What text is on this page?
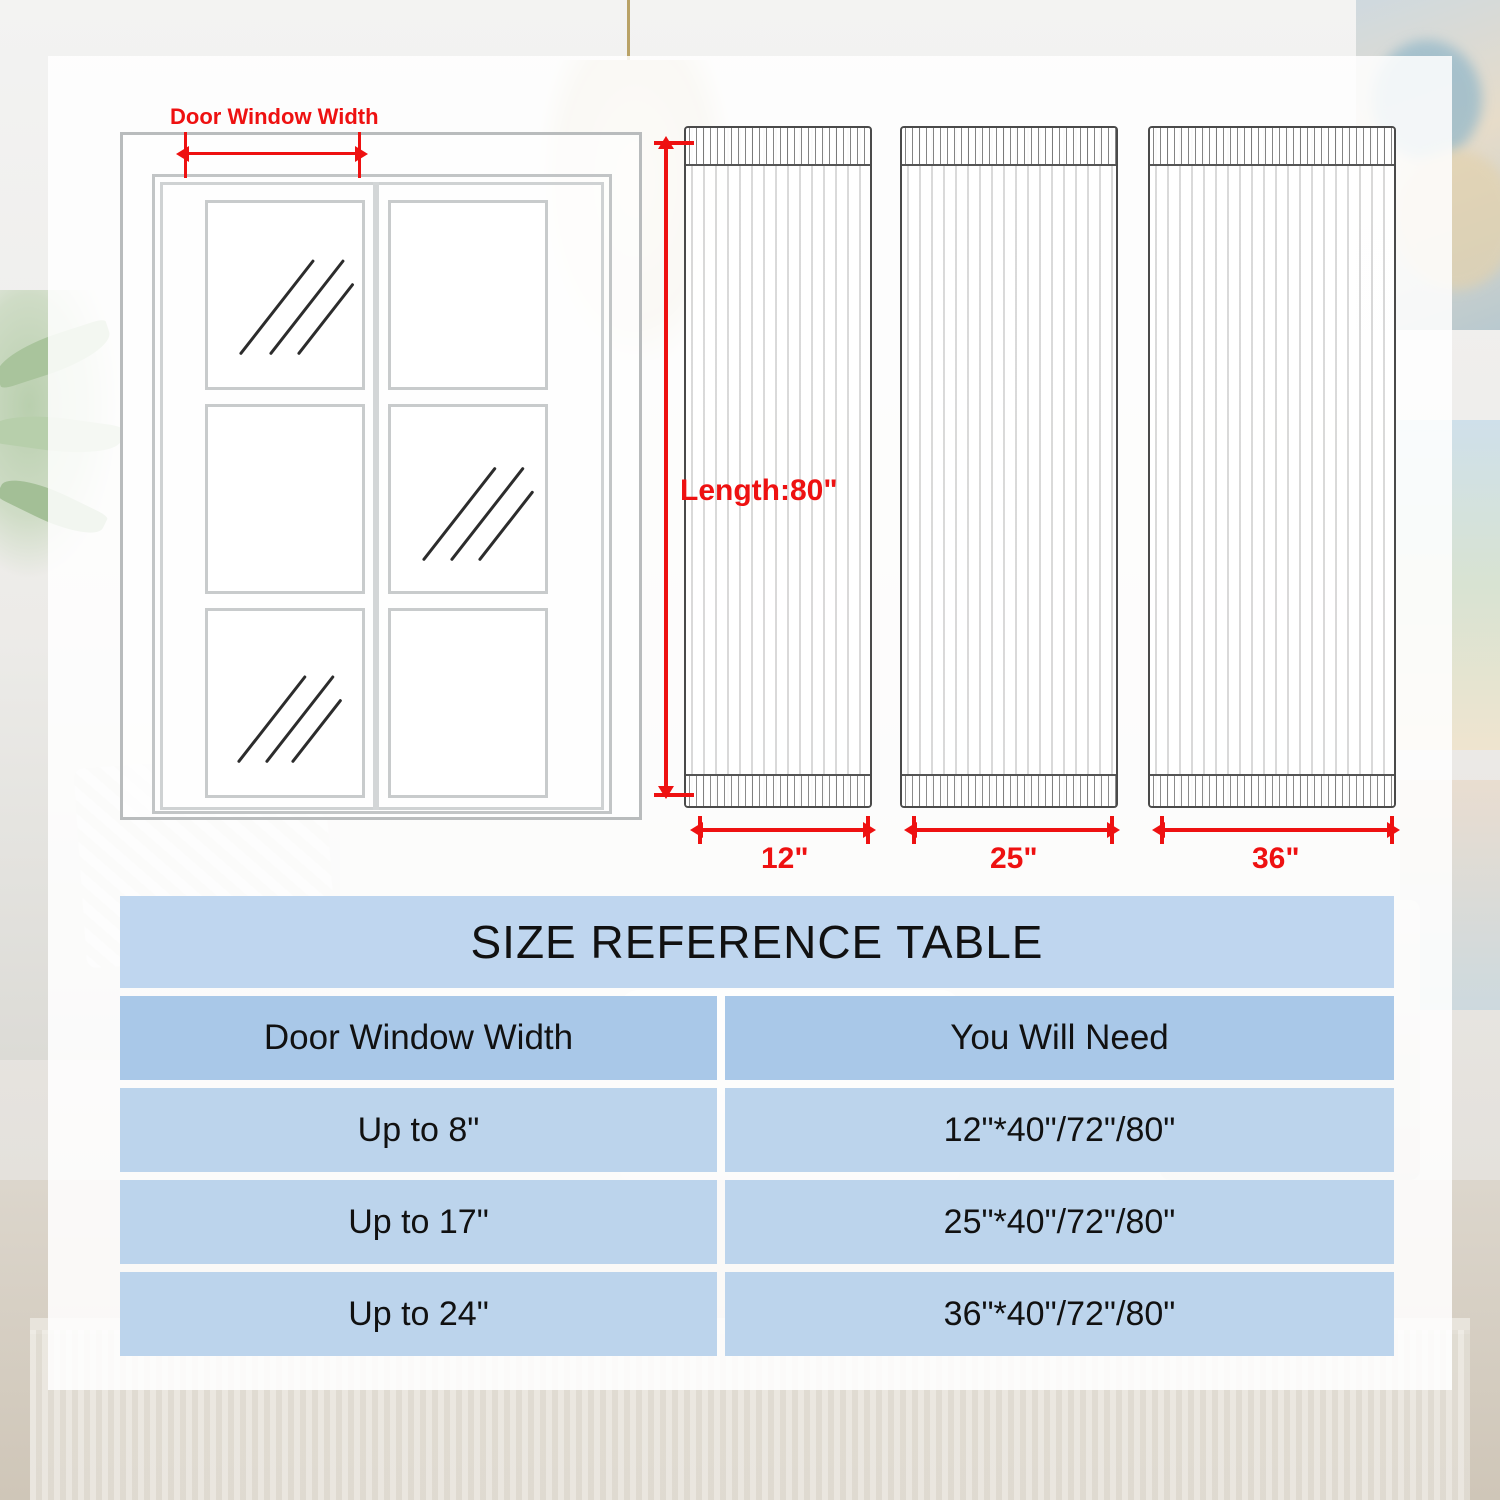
Door Window Width
Length:80"
12"	25"	36"
SIZE REFERENCE TABLE
Door Window Width	You Will Need
Up to 8"	12"*40"/72"/80"
Up to 17"	25"*40"/72"/80"
Up to 24"	36"*40"/72"/80"
